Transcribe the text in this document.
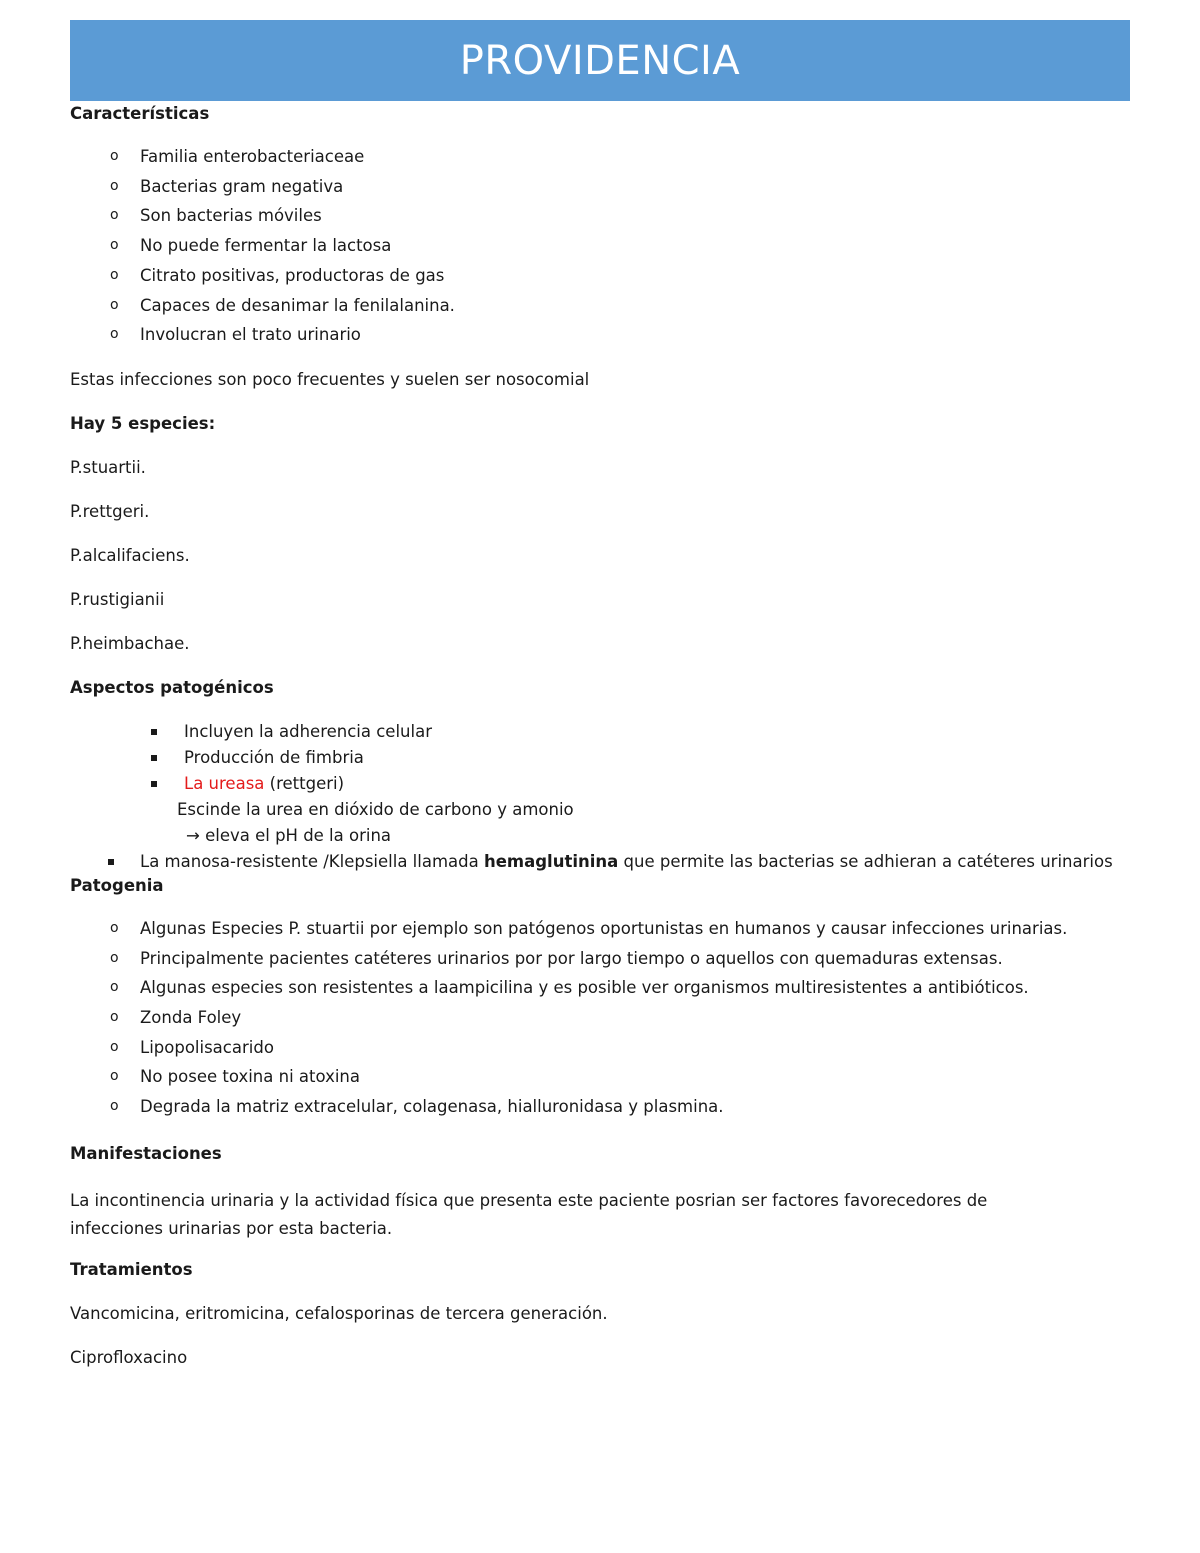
PROVIDENCIA

Características

o Familia enterobacteriaceae
o Bacterias gram negativa
o Son bacterias móviles
o No puede fermentar la lactosa
o Citrato positivas, productoras de gas
o Capaces de desanimar la fenilalanina.
o Involucran el trato urinario

Estas infecciones son poco frecuentes y suelen ser nosocomial

Hay 5 especies:

P.stuartii.

P.rettgeri.

P.alcalifaciens.

P.rustigianii

P.heimbachae.

Aspectos patogénicos

Incluyen la adherencia celular
Producción de fimbria
La ureasa (rettgeri)
Escinde la urea en dióxido de carbono y amonio
→ eleva el pH de la orina
La manosa-resistente /Klepsiella llamada hemaglutinina que permite las bacterias se adhieran a catéteres urinarios

Patogenia

o Algunas Especies P. stuartii por ejemplo son patógenos oportunistas en humanos y causar infecciones urinarias.
o Principalmente pacientes catéteres urinarios por por largo tiempo o aquellos con quemaduras extensas.
o Algunas especies son resistentes a laampicilina y es posible ver organismos multiresistentes a antibióticos.
o Zonda Foley
o Lipopolisacarido
o No posee toxina ni atoxina
o Degrada la matriz extracelular, colagenasa, hialluronidasa y plasmina.

Manifestaciones

La incontinencia urinaria y la actividad física que presenta este paciente posrian ser factores favorecedores de infecciones urinarias por esta bacteria.

Tratamientos

Vancomicina, eritromicina, cefalosporinas de tercera generación.

Ciprofloxacino
